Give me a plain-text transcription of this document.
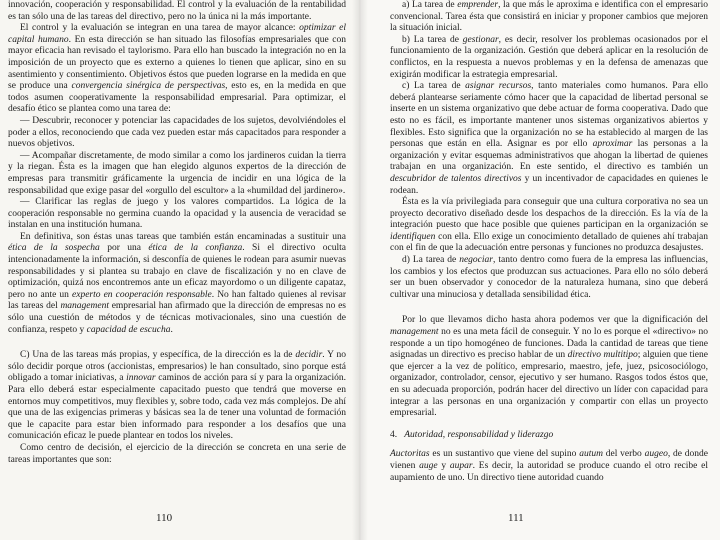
innovación, cooperación y responsabilidad. El control y la evaluación de la rentabilidad es tan sólo una de las tareas del directivo, pero no la única ni la más importante.

El control y la evaluación se integran en una tarea de mayor alcance: optimizar el capital humano. En esta dirección se han situado las filosofías empresariales que con mayor eficacia han revisado el taylorismo. Para ello han buscado la integración no en la imposición de un proyecto que es externo a quienes lo tienen que aplicar, sino en su asentimiento y consentimiento. Objetivos éstos que pueden lograrse en la medida en que se produce una convergencia sinérgica de perspectivas, esto es, en la medida en que todos asumen cooperativamente la responsabilidad empresarial. Para optimizar, el desafío ético se plantea como una tarea de:

— Descubrir, reconocer y potenciar las capacidades de los sujetos, devolviéndoles el poder a ellos, reconociendo que cada vez pueden estar más capacitados para responder a nuevos objetivos.

— Acompañar discretamente, de modo similar a como los jardineros cuidan la tierra y la riegan. Ésta es la imagen que han elegido algunos expertos de la dirección de empresas para transmitir gráficamente la urgencia de incidir en una lógica de la responsabilidad que exige pasar del «orgullo del escultor» a la «humildad del jardinero».

— Clarificar las reglas de juego y los valores compartidos. La lógica de la cooperación responsable no germina cuando la opacidad y la ausencia de veracidad se instalan en una institución humana.

En definitiva, son éstas unas tareas que también están encaminadas a sustituir una ética de la sospecha por una ética de la confianza. Si el directivo oculta intencionadamente la información, si desconfía de quienes le rodean para asumir nuevas responsabilidades y si plantea su trabajo en clave de fiscalización y no en clave de optimización, quizá nos encontremos ante un eficaz mayordomo o un diligente capataz, pero no ante un experto en cooperación responsable. No han faltado quienes al revisar las tareas del management empresarial han afirmado que la dirección de empresas no es sólo una cuestión de métodos y de técnicas motivacionales, sino una cuestión de confianza, respeto y capacidad de escucha.

C) Una de las tareas más propias, y específica, de la dirección es la de decidir. Y no sólo decidir porque otros (accionistas, empresarios) le han consultado, sino porque está obligado a tomar iniciativas, a innovar caminos de acción para sí y para la organización. Para ello deberá estar especialmente capacitado puesto que tendrá que moverse en entornos muy competitivos, muy flexibles y, sobre todo, cada vez más complejos. De ahí que una de las exigencias primeras y básicas sea la de tener una voluntad de formación que le capacite para estar bien informado para responder a los desafíos que una comunicación eficaz le puede plantear en todos los niveles.

Como centro de decisión, el ejercicio de la dirección se concreta en una serie de tareas importantes que son:

110

a) La tarea de emprender, la que más le aproxima e identifica con el empresario convencional. Tarea ésta que consistirá en iniciar y proponer cambios que mejoren la situación inicial.

b) La tarea de gestionar, es decir, resolver los problemas ocasionados por el funcionamiento de la organización. Gestión que deberá aplicar en la resolución de conflictos, en la respuesta a nuevos problemas y en la defensa de amenazas que exigirán modificar la estrategia empresarial.

c) La tarea de asignar recursos, tanto materiales como humanos. Para ello deberá plantearse seriamente cómo hacer que la capacidad de libertad personal se inserte en un sistema organizativo que debe actuar de forma cooperativa. Dado que esto no es fácil, es importante mantener unos sistemas organizativos abiertos y flexibles. Esto significa que la organización no se ha establecido al margen de las personas que están en ella. Asignar es por ello aproximar las personas a la organización y evitar esquemas administrativos que ahogan la libertad de quienes trabajan en una organización. En este sentido, el directivo es también un descubridor de talentos directivos y un incentivador de capacidades en quienes le rodean.

Ésta es la vía privilegiada para conseguir que una cultura corporativa no sea un proyecto decorativo diseñado desde los despachos de la dirección. Es la vía de la integración puesto que hace posible que quienes participan en la organización se identifiquen con ella. Ello exige un conocimiento detallado de quienes ahí trabajan con el fin de que la adecuación entre personas y funciones no produzca desajustes.

d) La tarea de negociar, tanto dentro como fuera de la empresa las influencias, los cambios y los efectos que produzcan sus actuaciones. Para ello no sólo deberá ser un buen observador y conocedor de la naturaleza humana, sino que deberá cultivar una minuciosa y detallada sensibilidad ética.

Por lo que llevamos dicho hasta ahora podemos ver que la dignificación del management no es una meta fácil de conseguir. Y no lo es porque el «directivo» no responde a un tipo homogéneo de funciones. Dada la cantidad de tareas que tiene asignadas un directivo es preciso hablar de un directivo multitipo; alguien que tiene que ejercer a la vez de político, empresario, maestro, jefe, juez, psicosociólogo, organizador, controlador, censor, ejecutivo y ser humano. Rasgos todos éstos que, en su adecuada proporción, podrán hacer del directivo un líder con capacidad para integrar a las personas en una organización y compartir con ellas un proyecto empresarial.

4. Autoridad, responsabilidad y liderazgo

Auctoritas es un sustantivo que viene del supino autum del verbo augeo, de donde vienen auge y aupar. Es decir, la autoridad se produce cuando el otro recibe el aupamiento de uno. Un directivo tiene autoridad cuando

111
